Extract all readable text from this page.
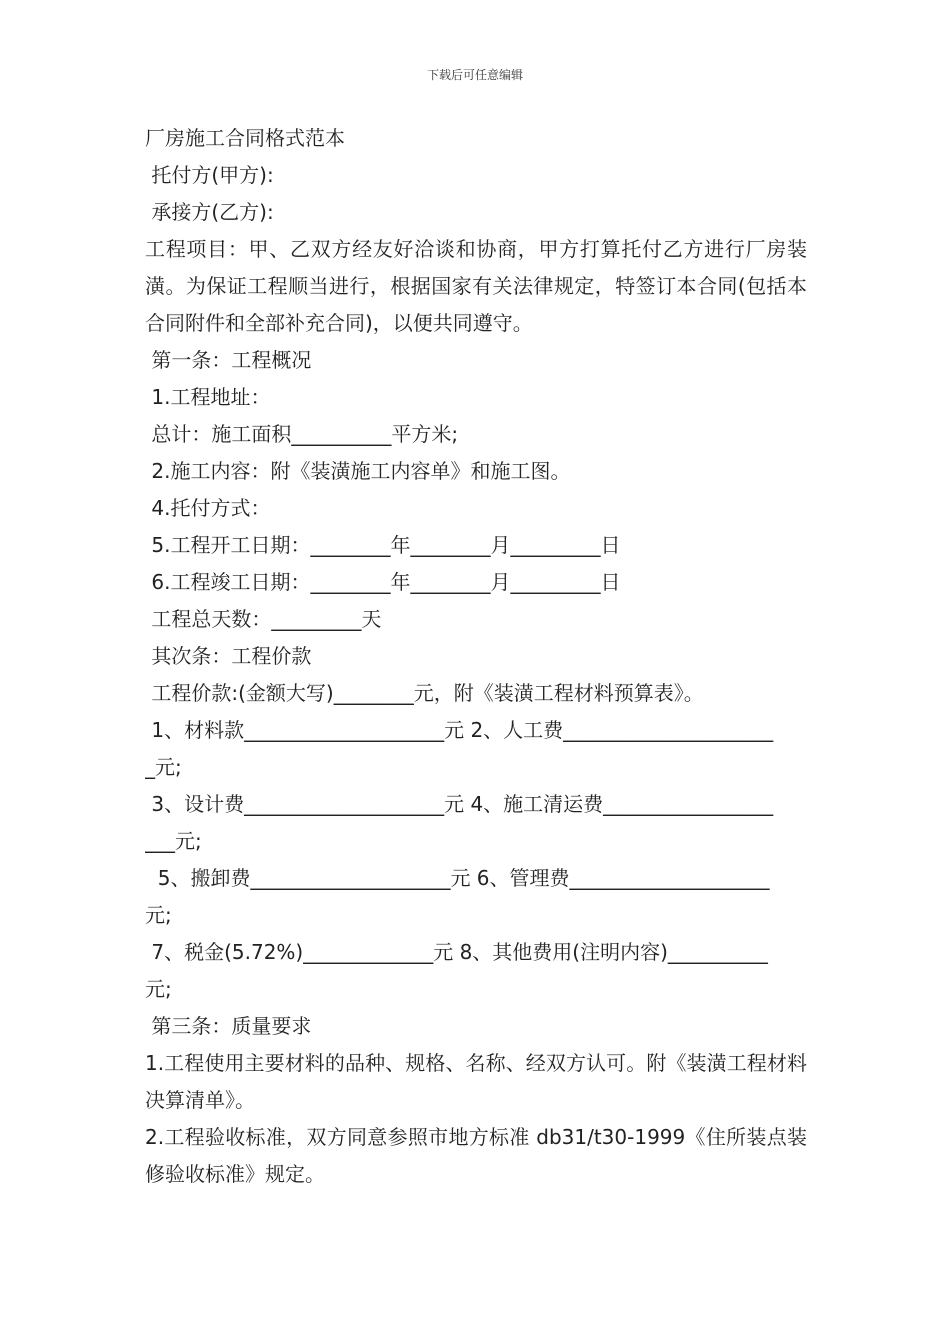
下载后可任意编辑
厂房施工合同格式范本
托付方(甲方):
承接方(乙方):
工程项目：甲、乙双方经友好洽谈和协商，甲方打算托付乙方进行厂房装潢。为保证工程顺当进行，根据国家有关法律规定，特签订本合同(包括本合同附件和全部补充合同)，以便共同遵守。
第一条：工程概况
1.工程地址：
总计：施工面积__________平方米;
2.施工内容：附《装潢施工内容单》和施工图。
4.托付方式：
5.工程开工日期：________年________月_________日
6.工程竣工日期：________年________月_________日
工程总天数：_________天
其次条：工程价款
工程价款:(金额大写)________元，附《装潢工程材料预算表》。
1、材料款____________________元 2、人工费_____________________
_元;
3、设计费____________________元 4、施工清运费_________________
___元;
5、搬卸费____________________元 6、管理费____________________
元;
7、税金(5.72%)_____________元 8、其他费用(注明内容)__________
元;
第三条：质量要求
1.工程使用主要材料的品种、规格、名称、经双方认可。附《装潢工程材料决算清单》。
2.工程验收标准，双方同意参照市地方标准 db31/t30-1999《住所装点装修验收标准》规定。
